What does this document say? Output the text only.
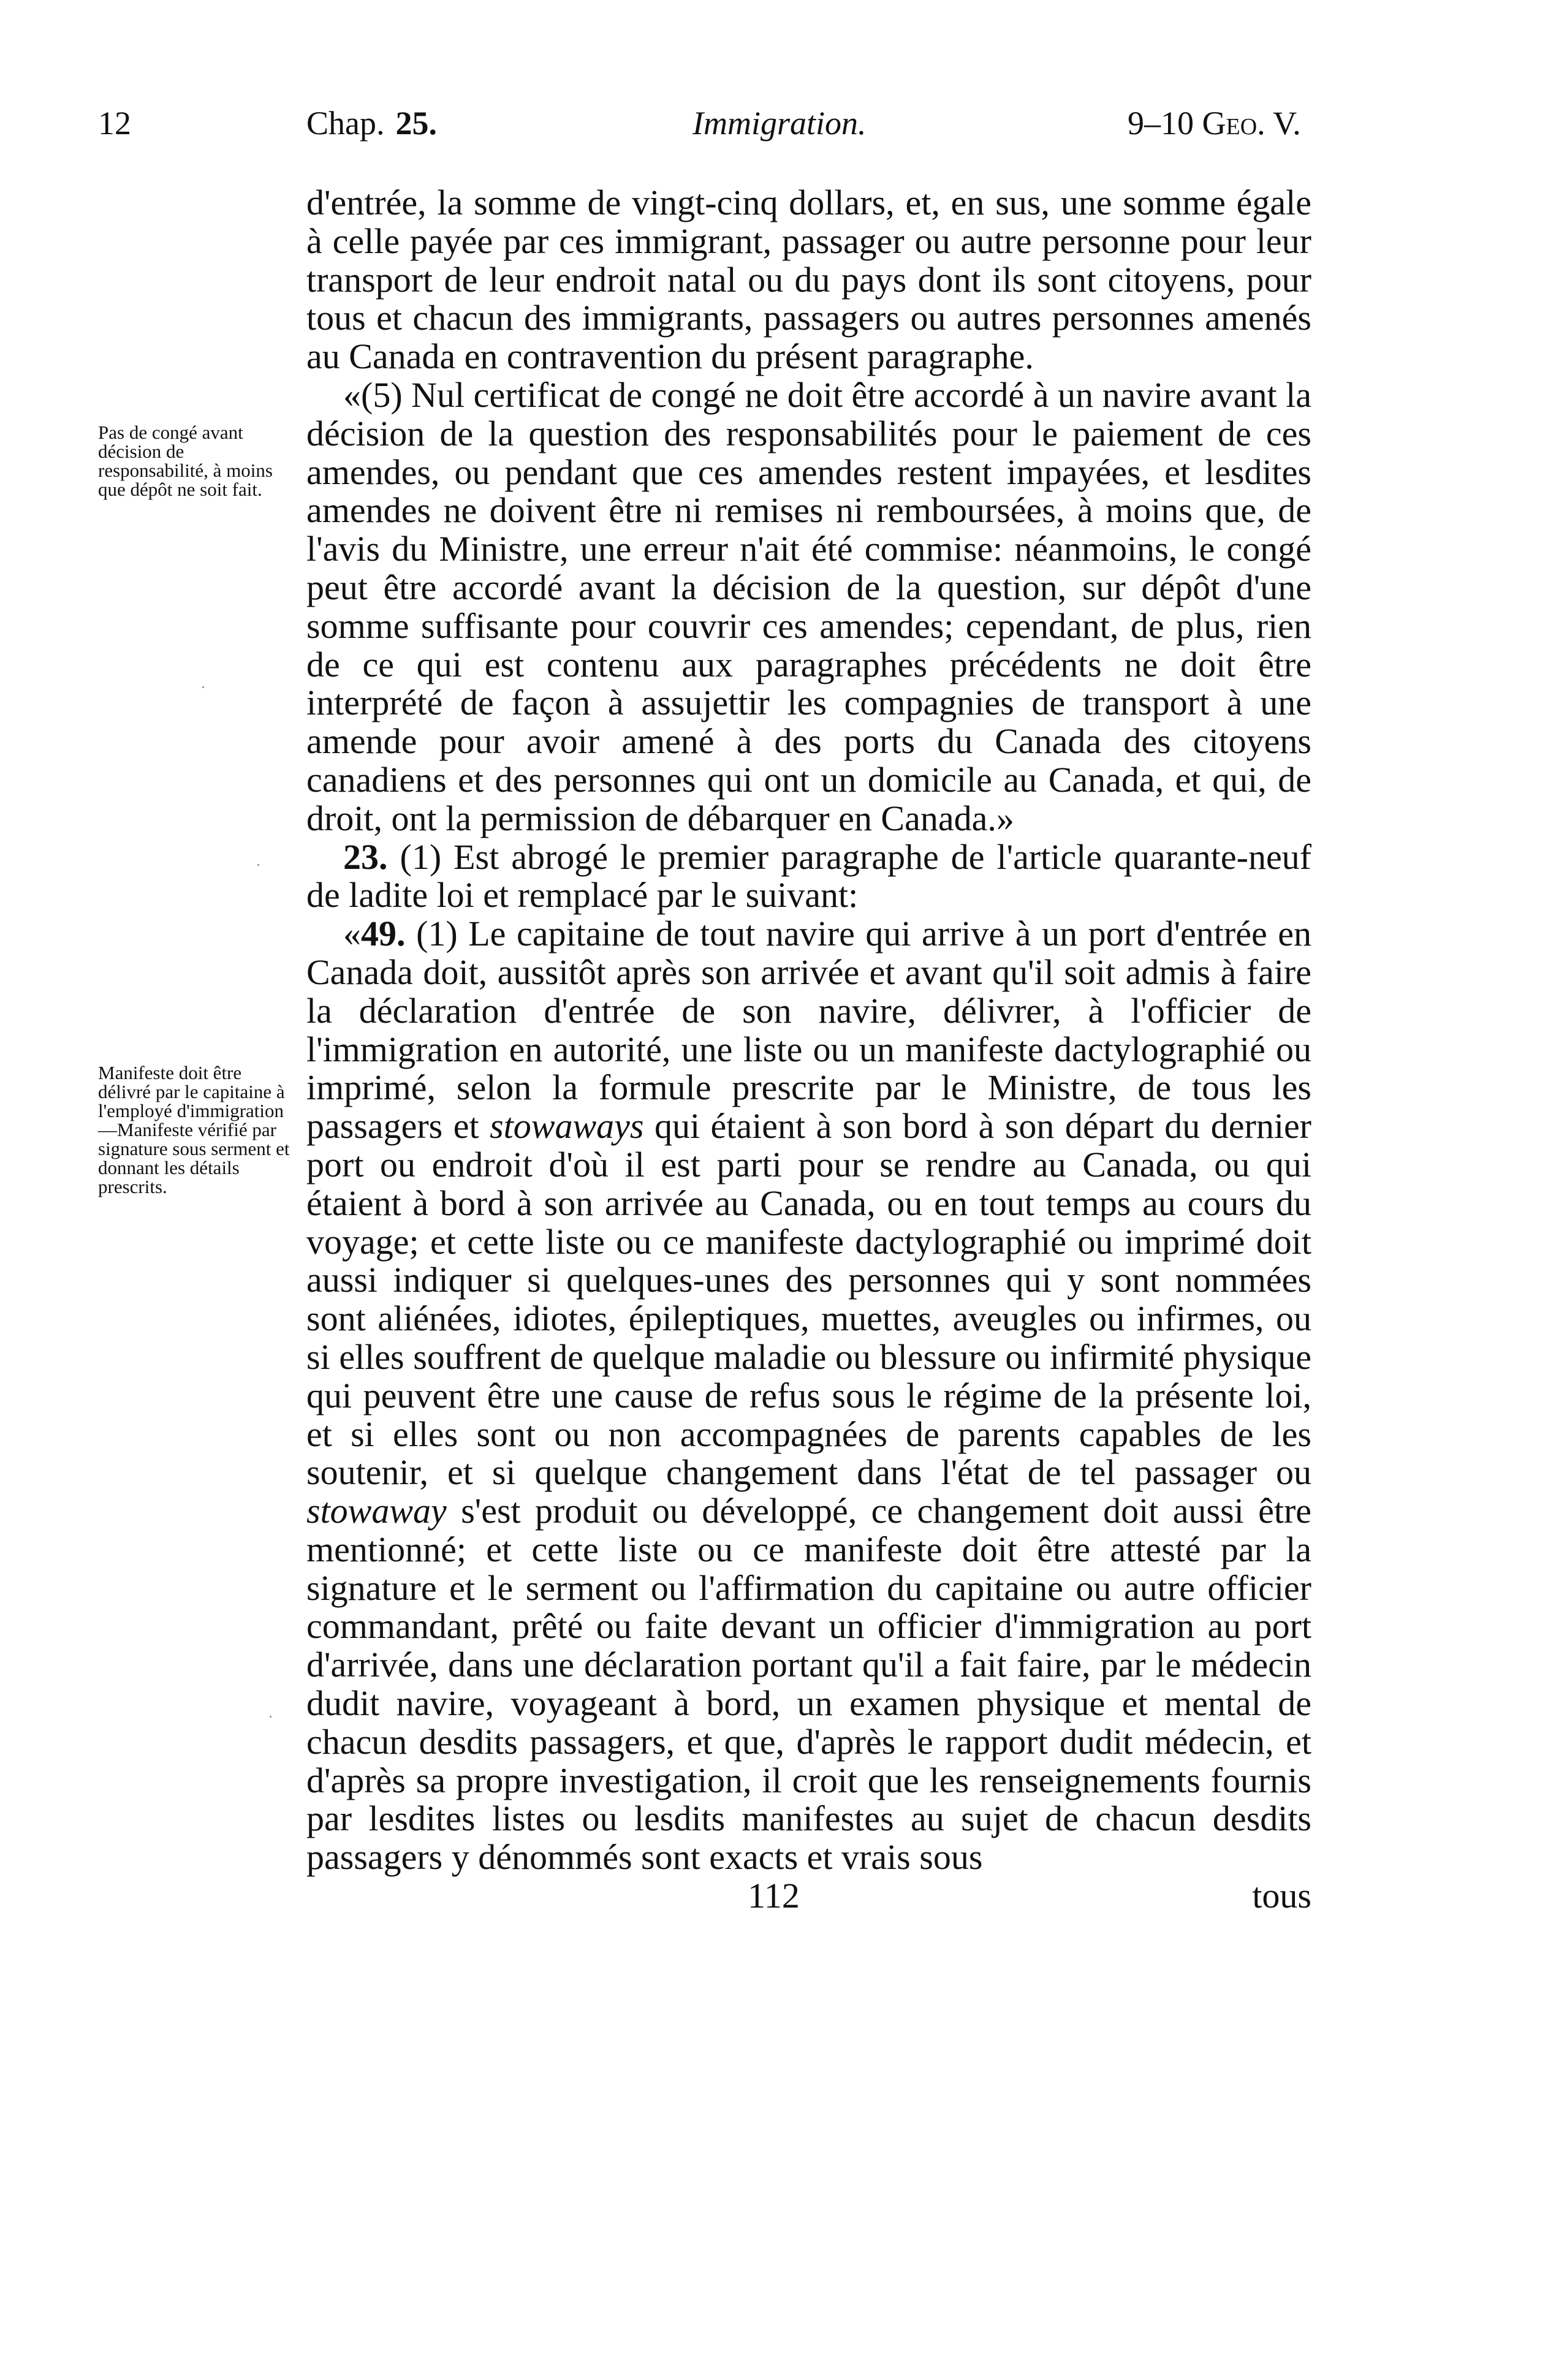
12	Chap. 25.	Immigration.	9–10 Geo. V.
Pas de congé avant décision de responsabilité, à moins que dépôt ne soit fait.
Manifeste doit être délivré par le capitaine à l'employé d'immigration—Manifeste vérifié par signature sous serment et donnant les détails prescrits.

d'entrée, la somme de vingt-cinq dollars, et, en sus, une somme égale à celle payée par ces immigrant, passager ou autre personne pour leur transport de leur endroit natal ou du pays dont ils sont citoyens, pour tous et chacun des immigrants, passagers ou autres personnes amenés au Canada en contravention du présent paragraphe.

«(5) Nul certificat de congé ne doit être accordé à un navire avant la décision de la question des responsabilités pour le paiement de ces amendes, ou pendant que ces amendes restent impayées, et lesdites amendes ne doivent être ni remises ni remboursées, à moins que, de l'avis du Ministre, une erreur n'ait été commise: néanmoins, le congé peut être accordé avant la décision de la question, sur dépôt d'une somme suffisante pour couvrir ces amendes; cependant, de plus, rien de ce qui est contenu aux paragraphes précédents ne doit être interprété de façon à assujettir les compagnies de transport à une amende pour avoir amené à des ports du Canada des citoyens canadiens et des personnes qui ont un domicile au Canada, et qui, de droit, ont la permission de débarquer en Canada.»

23. (1) Est abrogé le premier paragraphe de l'article quarante-neuf de ladite loi et remplacé par le suivant:

«49. (1) Le capitaine de tout navire qui arrive à un port d'entrée en Canada doit, aussitôt après son arrivée et avant qu'il soit admis à faire la déclaration d'entrée de son navire, délivrer, à l'officier de l'immigration en autorité, une liste ou un manifeste dactylographié ou imprimé, selon la formule prescrite par le Ministre, de tous les passagers et stowaways qui étaient à son bord à son départ du dernier port ou endroit d'où il est parti pour se rendre au Canada, ou qui étaient à bord à son arrivée au Canada, ou en tout temps au cours du voyage; et cette liste ou ce manifeste dactylographié ou imprimé doit aussi indiquer si quelques-unes des personnes qui y sont nommées sont aliénées, idiotes, épileptiques, muettes, aveugles ou infirmes, ou si elles souffrent de quelque maladie ou blessure ou infirmité physique qui peuvent être une cause de refus sous le régime de la présente loi, et si elles sont ou non accompagnées de parents capables de les soutenir, et si quelque changement dans l'état de tel passager ou stowaway s'est produit ou développé, ce changement doit aussi être mentionné; et cette liste ou ce manifeste doit être attesté par la signature et le serment ou l'affirmation du capitaine ou autre officier commandant, prêté ou faite devant un officier d'immigration au port d'arrivée, dans une déclaration portant qu'il a fait faire, par le médecin dudit navire, voyageant à bord, un examen physique et mental de chacun desdits passagers, et que, d'après le rapport dudit médecin, et d'après sa propre investigation, il croit que les renseignements fournis par lesdites listes ou lesdits manifestes au sujet de chacun desdits passagers y dénommés sont exacts et vrais sous

112	tous
